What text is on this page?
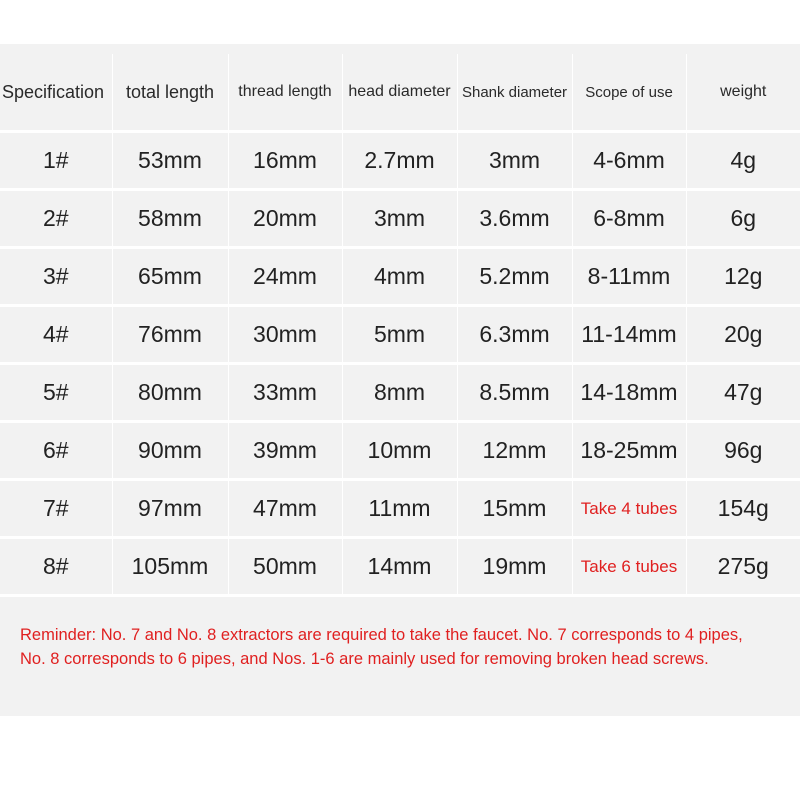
Specification	total length	thread length	head diameter	Shank diameter	Scope of use	weight
1#	53mm	16mm	2.7mm	3mm	4-6mm	4g
2#	58mm	20mm	3mm	3.6mm	6-8mm	6g
3#	65mm	24mm	4mm	5.2mm	8-11mm	12g
4#	76mm	30mm	5mm	6.3mm	11-14mm	20g
5#	80mm	33mm	8mm	8.5mm	14-18mm	47g
6#	90mm	39mm	10mm	12mm	18-25mm	96g
7#	97mm	47mm	11mm	15mm	Take 4 tubes	154g
8#	105mm	50mm	14mm	19mm	Take 6 tubes	275g
Reminder: No. 7 and No. 8 extractors are required to take the faucet. No. 7 corresponds to 4 pipes, No. 8 corresponds to 6 pipes, and Nos. 1-6 are mainly used for removing broken head screws.
